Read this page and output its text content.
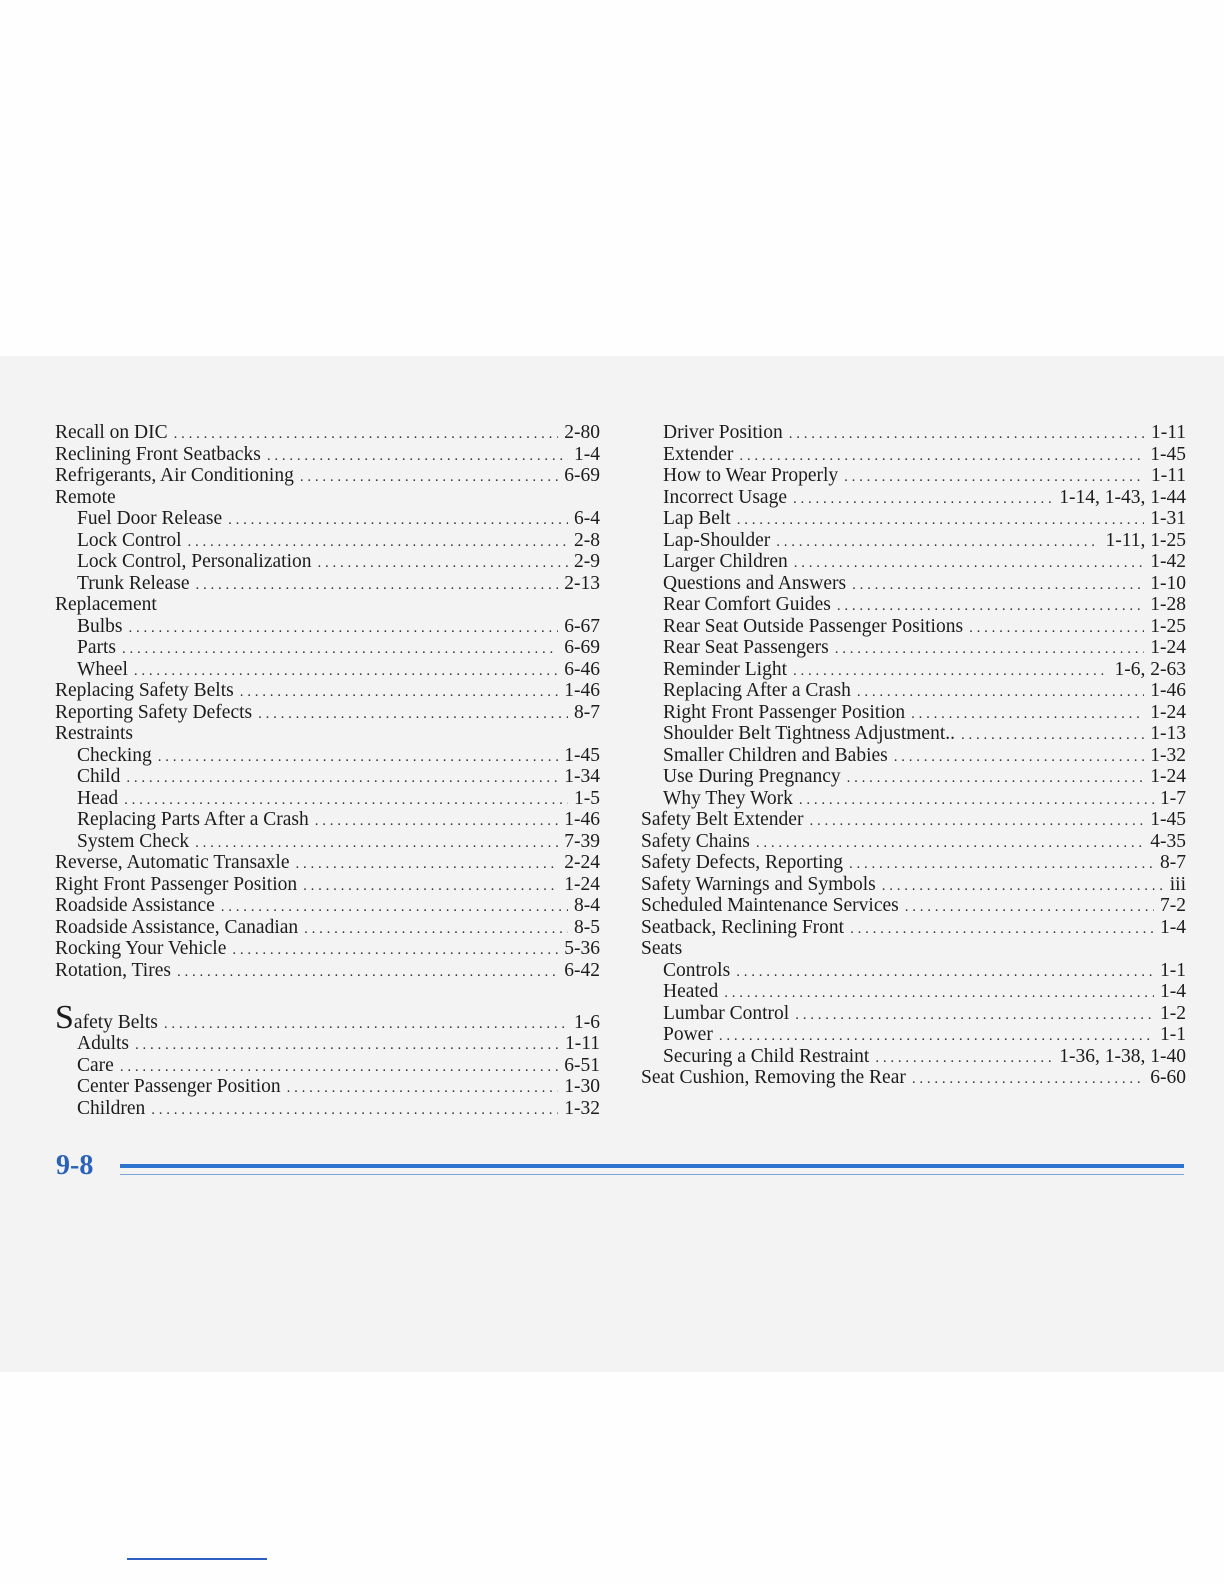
Recall on DIC . . .	2-80
Reclining Front Seatbacks . . .	1-4
Refrigerants, Air Conditioning . . .	6-69
Remote
Fuel Door Release . . .	6-4
Lock Control . . .	2-8
Lock Control, Personalization . . .	2-9
Trunk Release . . .	2-13
Replacement
Bulbs . . .	6-67
Parts . . .	6-69
Wheel . . .	6-46
Replacing Safety Belts . . .	1-46
Reporting Safety Defects . . .	8-7
Restraints
Checking . . .	1-45
Child . . .	1-34
Head . . .	1-5
Replacing Parts After a Crash . . .	1-46
System Check . . .	7-39
Reverse, Automatic Transaxle . . .	2-24
Right Front Passenger Position . . .	1-24
Roadside Assistance . . .	8-4
Roadside Assistance, Canadian . . .	8-5
Rocking Your Vehicle . . .	5-36
Rotation, Tires . . .	6-42
Safety Belts . . .	1-6
Adults . . .	1-11
Care . . .	6-51
Center Passenger Position . . .	1-30
Children . . .	1-32
Driver Position . . .	1-11
Extender . . .	1-45
How to Wear Properly . . .	1-11
Incorrect Usage . . .	1-14, 1-43, 1-44
Lap Belt . . .	1-31
Lap-Shoulder . . .	1-11, 1-25
Larger Children . . .	1-42
Questions and Answers . . .	1-10
Rear Comfort Guides . . .	1-28
Rear Seat Outside Passenger Positions . . .	1-25
Rear Seat Passengers . . .	1-24
Reminder Light . . .	1-6, 2-63
Replacing After a Crash . . .	1-46
Right Front Passenger Position . . .	1-24
Shoulder Belt Tightness Adjustment.. . . .	1-13
Smaller Children and Babies . . .	1-32
Use During Pregnancy . . .	1-24
Why They Work . . .	1-7
Safety Belt Extender . . .	1-45
Safety Chains . . .	4-35
Safety Defects, Reporting . . .	8-7
Safety Warnings and Symbols . . .	iii
Scheduled Maintenance Services . . .	7-2
Seatback, Reclining Front . . .	1-4
Seats
Controls . . .	1-1
Heated . . .	1-4
Lumbar Control . . .	1-2
Power . . .	1-1
Securing a Child Restraint . . .	1-36, 1-38, 1-40
Seat Cushion, Removing the Rear . . .	6-60
9-8
